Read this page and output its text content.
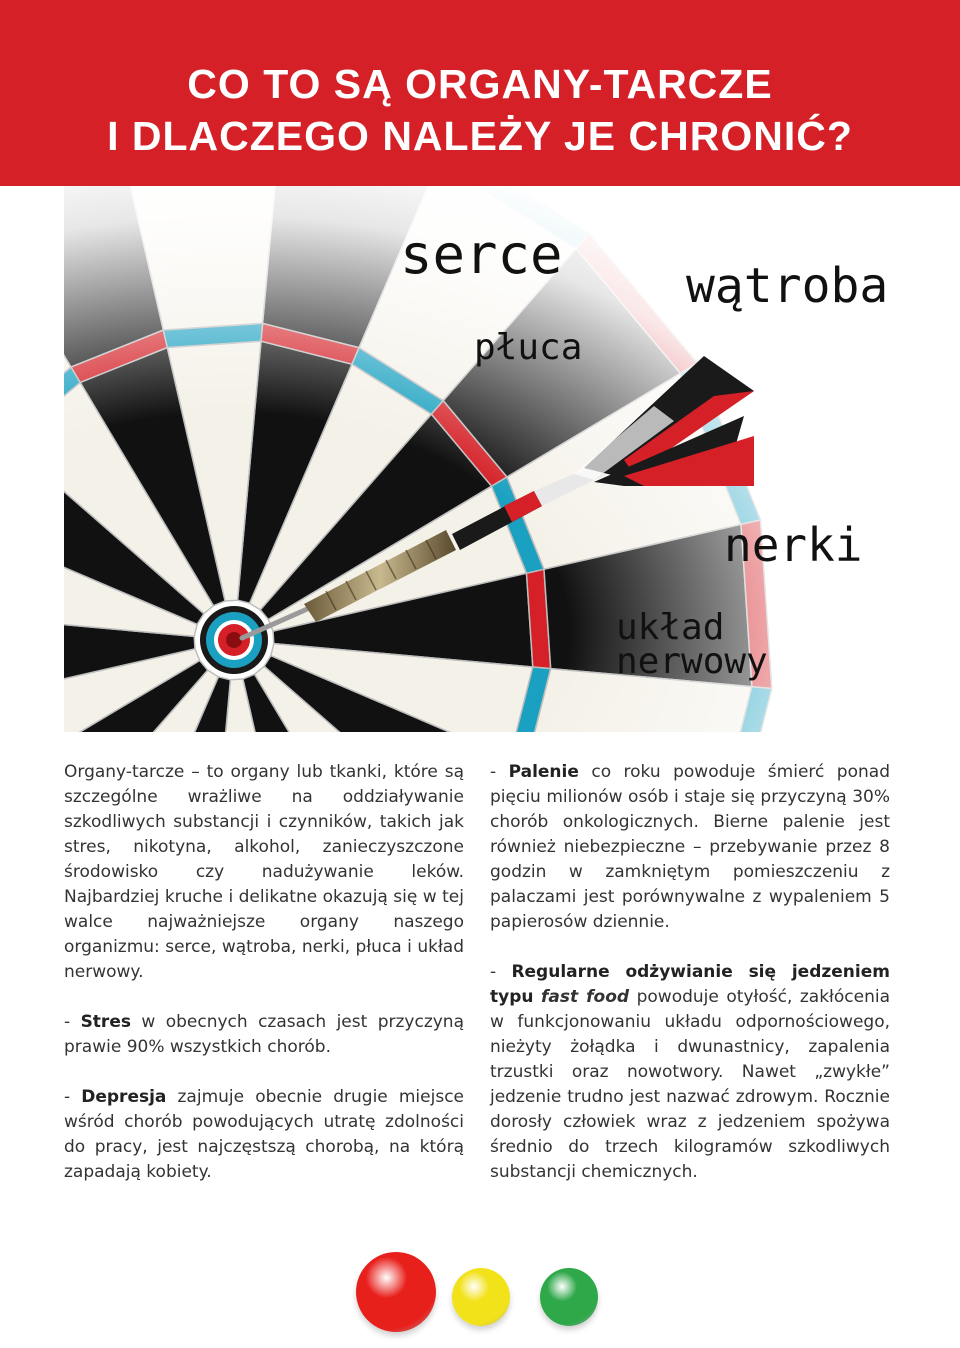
CO TO SĄ ORGANY-TARCZE
I DLACZEGO NALEŻY JE CHRONIĆ?
serce	wątroba
płuca
nerki
układ
nerwowy

Organy-tarcze – to organy lub tkanki, które są szczególne wrażliwe na oddziaływanie szkodliwych substancji i czynników, takich jak stres, nikotyna, alkohol, zanieczyszczone środowisko czy nadużywanie leków. Najbardziej kruche i delikatne okazują się w tej walce najważniejsze organy naszego organizmu: serce, wątroba, nerki, płuca i układ nerwowy.

- Stres w obecnych czasach jest przyczyną prawie 90% wszystkich chorób.

- Depresja zajmuje obecnie drugie miejsce wśród chorób powodujących utratę zdolności do pracy, jest najczęstszą chorobą, na którą zapadają kobiety.

- Palenie co roku powoduje śmierć ponad pięciu milionów osób i staje się przyczyną 30% chorób onkologicznych. Bierne palenie jest również niebezpieczne – przebywanie przez 8 godzin w zamkniętym pomieszczeniu z palaczami jest porównywalne z wypaleniem 5 papierosów dziennie.

- Regularne odżywianie się jedzeniem typu fast food powoduje otyłość, zakłócenia w funkcjonowaniu układu odpornościowego, nieżyty żołądka i dwunastnicy, zapalenia trzustki oraz nowotwory. Nawet „zwykłe” jedzenie trudno jest nazwać zdrowym. Rocznie dorosły człowiek wraz z jedzeniem spożywa średnio do trzech kilogramów szkodliwych substancji chemicznych.
